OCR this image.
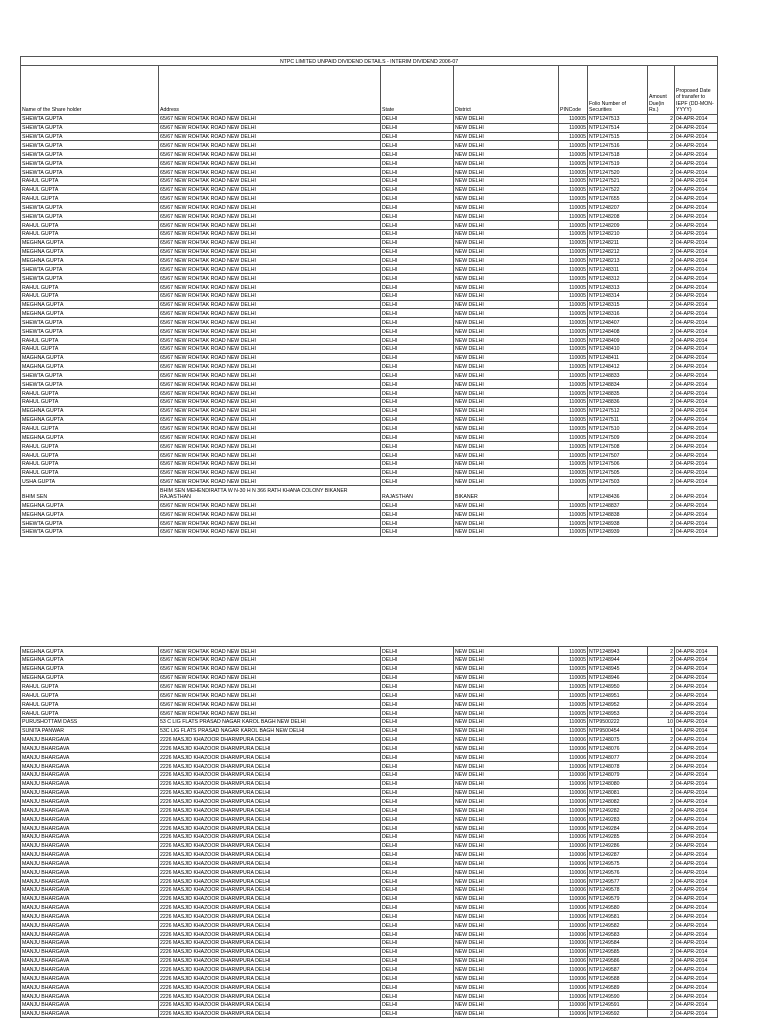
NTPC LIMITED UNPAID DIVIDEND DETAILS - INTERIM DIVIDEND 2006-07							
Name of the Share holder	Address	State	District	PINCode	Folio Number of Securities	Amount Due(in Rs.)	Proposed Date of transfer to IEPF (DD-MON-YYYY)
SHEWTA GUPTA	65/67 NEW ROHTAK ROAD NEW DELHI	DELHI	NEW DELHI	110005	NTP1247513	2	04-APR-2014
SHEWTA GUPTA	65/67 NEW ROHTAK ROAD NEW DELHI	DELHI	NEW DELHI	110005	NTP1247514	2	04-APR-2014
SHEWTA GUPTA	65/67 NEW ROHTAK ROAD NEW DELHI	DELHI	NEW DELHI	110005	NTP1247515	2	04-APR-2014
SHEWTA GUPTA	65/67 NEW ROHTAK ROAD NEW DELHI	DELHI	NEW DELHI	110005	NTP1247516	2	04-APR-2014
SHEWTA GUPTA	65/67 NEW ROHTAK ROAD NEW DELHI	DELHI	NEW DELHI	110005	NTP1247518	2	04-APR-2014
SHEWTA GUPTA	65/67 NEW ROHTAK ROAD NEW DELHI	DELHI	NEW DELHI	110005	NTP1247519	2	04-APR-2014
SHEWTA GUPTA	65/67 NEW ROHTAK ROAD NEW DELHI	DELHI	NEW DELHI	110005	NTP1247520	2	04-APR-2014
RAHUL GUPTA	65/67 NEW ROHTAK ROAD NEW DELHI	DELHI	NEW DELHI	110005	NTP1247521	2	04-APR-2014
RAHUL GUPTA	65/67 NEW ROHTAK ROAD NEW DELHI	DELHI	NEW DELHI	110005	NTP1247522	2	04-APR-2014
RAHUL GUPTA	65/67 NEW ROHTAK ROAD NEW DELHI	DELHI	NEW DELHI	110005	NTP1247655	2	04-APR-2014
SHEWTA GUPTA	65/67 NEW ROHTAK ROAD NEW DELHI	DELHI	NEW DELHI	110005	NTP1248207	2	04-APR-2014
SHEWTA GUPTA	65/67 NEW ROHTAK ROAD NEW DELHI	DELHI	NEW DELHI	110005	NTP1248208	2	04-APR-2014
RAHUL GUPTA	65/67 NEW ROHTAK ROAD NEW DELHI	DELHI	NEW DELHI	110005	NTP1248209	2	04-APR-2014
RAHUL GUPTA	65/67 NEW ROHTAK ROAD NEW DELHI	DELHI	NEW DELHI	110005	NTP1248210	2	04-APR-2014
MEGHNA GUPTA	65/67 NEW ROHTAK ROAD NEW DELHI	DELHI	NEW DELHI	110005	NTP1248211	2	04-APR-2014
MEGHNA GUPTA	65/67 NEW ROHTAK ROAD NEW DELHI	DELHI	NEW DELHI	110005	NTP1248212	2	04-APR-2014
MEGHNA GUPTA	65/67 NEW ROHTAK ROAD NEW DELHI	DELHI	NEW DELHI	110005	NTP1248213	2	04-APR-2014
SHEWTA GUPTA	65/67 NEW ROHTAK ROAD NEW DELHI	DELHI	NEW DELHI	110005	NTP1248311	2	04-APR-2014
SHEWTA GUPTA	65/67 NEW ROHTAK ROAD NEW DELHI	DELHI	NEW DELHI	110005	NTP1248312	2	04-APR-2014
RAHUL GUPTA	65/67 NEW ROHTAK ROAD NEW DELHI	DELHI	NEW DELHI	110005	NTP1248313	2	04-APR-2014
RAHUL GUPTA	65/67 NEW ROHTAK ROAD NEW DELHI	DELHI	NEW DELHI	110005	NTP1248314	2	04-APR-2014
MEGHNA GUPTA	65/67 NEW ROHTAK ROAD NEW DELHI	DELHI	NEW DELHI	110005	NTP1248315	2	04-APR-2014
MEGHNA GUPTA	65/67 NEW ROHTAK ROAD NEW DELHI	DELHI	NEW DELHI	110005	NTP1248316	2	04-APR-2014
SHEWTA GUPTA	65/67 NEW ROHTAK ROAD NEW DELHI	DELHI	NEW DELHI	110005	NTP1248407	2	04-APR-2014
SHEWTA GUPTA	65/67 NEW ROHTAK ROAD NEW DELHI	DELHI	NEW DELHI	110005	NTP1248408	2	04-APR-2014
RAHUL GUPTA	65/67 NEW ROHTAK ROAD NEW DELHI	DELHI	NEW DELHI	110005	NTP1248409	2	04-APR-2014
RAHUL GUPTA	65/67 NEW ROHTAK ROAD NEW DELHI	DELHI	NEW DELHI	110005	NTP1248410	2	04-APR-2014
MAGHNA GUPTA	65/67 NEW ROHTAK ROAD NEW DELHI	DELHI	NEW DELHI	110005	NTP1248411	2	04-APR-2014
MAGHNA GUPTA	65/67 NEW ROHTAK ROAD NEW DELHI	DELHI	NEW DELHI	110005	NTP1248412	2	04-APR-2014
SHEWTA GUPTA	65/67 NEW ROHTAK ROAD NEW DELHI	DELHI	NEW DELHI	110005	NTP1248833	2	04-APR-2014
SHEWTA GUPTA	65/67 NEW ROHTAK ROAD NEW DELHI	DELHI	NEW DELHI	110005	NTP1248834	2	04-APR-2014
RAHUL GUPTA	65/67 NEW ROHTAK ROAD NEW DELHI	DELHI	NEW DELHI	110005	NTP1248835	2	04-APR-2014
RAHUL GUPTA	65/67 NEW ROHTAK ROAD NEW DELHI	DELHI	NEW DELHI	110005	NTP1248836	2	04-APR-2014
MEGHNA GUPTA	65/67 NEW ROHTAK ROAD NEW DELHI	DELHI	NEW DELHI	110005	NTP1247512	2	04-APR-2014
MEGHNA GUPTA	65/67 NEW ROHTAK ROAD NEW DELHI	DELHI	NEW DELHI	110005	NTP1247511	2	04-APR-2014
RAHUL GUPTA	65/67 NEW ROHTAK ROAD NEW DELHI	DELHI	NEW DELHI	110005	NTP1247510	2	04-APR-2014
MEGHNA GUPTA	65/67 NEW ROHTAK ROAD NEW DELHI	DELHI	NEW DELHI	110005	NTP1247509	2	04-APR-2014
RAHUL GUPTA	65/67 NEW ROHTAK ROAD NEW DELHI	DELHI	NEW DELHI	110005	NTP1247508	2	04-APR-2014
RAHUL GUPTA	65/67 NEW ROHTAK ROAD NEW DELHI	DELHI	NEW DELHI	110005	NTP1247507	2	04-APR-2014
RAHUL GUPTA	65/67 NEW ROHTAK ROAD NEW DELHI	DELHI	NEW DELHI	110005	NTP1247506	2	04-APR-2014
RAHUL GUPTA	65/67 NEW ROHTAK ROAD NEW DELHI	DELHI	NEW DELHI	110005	NTP1247505	2	04-APR-2014
USHA GUPTA	65/67 NEW ROHTAK ROAD NEW DELHI	DELHI	NEW DELHI	110005	NTP1247503	2	04-APR-2014
BHIM SEN	BHIM SEN MEHENDIRATTA W N-30 H N 366 RATH KHANA COLONY BIKANER RAJASTHAN	RAJASTHAN	BIKANER		NTP1248436	2	04-APR-2014
MEGHNA GUPTA	65/67 NEW ROHTAK ROAD NEW DELHI	DELHI	NEW DELHI	110005	NTP1248837	2	04-APR-2014
MEGHNA GUPTA	65/67 NEW ROHTAK ROAD NEW DELHI	DELHI	NEW DELHI	110005	NTP1248838	2	04-APR-2014
SHEWTA GUPTA	65/67 NEW ROHTAK ROAD NEW DELHI	DELHI	NEW DELHI	110005	NTP1248938	2	04-APR-2014
SHEWTA GUPTA	65/67 NEW ROHTAK ROAD NEW DELHI	DELHI	NEW DELHI	110005	NTP1248939	2	04-APR-2014
MEGHNA GUPTA	65/67 NEW ROHTAK ROAD NEW DELHI	DELHI	NEW DELHI	110005	NTP1248943	2	04-APR-2014
MEGHNA GUPTA	65/67 NEW ROHTAK ROAD NEW DELHI	DELHI	NEW DELHI	110005	NTP1248944	2	04-APR-2014
MEGHNA GUPTA	65/67 NEW ROHTAK ROAD NEW DELHI	DELHI	NEW DELHI	110005	NTP1248945	2	04-APR-2014
MEGHNA GUPTA	65/67 NEW ROHTAK ROAD NEW DELHI	DELHI	NEW DELHI	110005	NTP1248946	2	04-APR-2014
RAHUL GUPTA	65/67 NEW ROHTAK ROAD NEW DELHI	DELHI	NEW DELHI	110005	NTP1248950	2	04-APR-2014
RAHUL GUPTA	65/67 NEW ROHTAK ROAD NEW DELHI	DELHI	NEW DELHI	110005	NTP1248951	2	04-APR-2014
RAHUL GUPTA	65/67 NEW ROHTAK ROAD NEW DELHI	DELHI	NEW DELHI	110005	NTP1248952	2	04-APR-2014
RAHUL GUPTA	65/67 NEW ROHTAK ROAD NEW DELHI	DELHI	NEW DELHI	110005	NTP1248953	2	04-APR-2014
PURUSHOTTAM DASS	53 C LIG FLATS PRASAD NAGAR KAROL BAGH NEW DELHI	DELHI	NEW DELHI	110005	NTP9500222	10	04-APR-2014
SUNITA PANWAR	53C LIG FLATS PRASAD NAGAR KAROL BAGH NEW DELHI	DELHI	NEW DELHI	110005	NTP9500454	1	04-APR-2014
MANJU BHARGAVA	2226 MASJID KHAZOOR DHARMPURA DELHI	DELHI	NEW DELHI	110006	NTP1248075	2	04-APR-2014
MANJU BHARGAVA	2226 MASJID KHAZOOR DHARMPURA DELHI	DELHI	NEW DELHI	110006	NTP1248076	2	04-APR-2014
MANJU BHARGAVA	2226 MASJID KHAZOOR DHARMPURA DELHI	DELHI	NEW DELHI	110006	NTP1248077	2	04-APR-2014
MANJU BHARGAVA	2226 MASJID KHAZOOR DHARMPURA DELHI	DELHI	NEW DELHI	110006	NTP1248078	2	04-APR-2014
MANJU BHARGAVA	2226 MASJID KHAZOOR DHARMPURA DELHI	DELHI	NEW DELHI	110006	NTP1248079	2	04-APR-2014
MANJU BHARGAVA	2226 MASJID KHAZOOR DHARMPURA DELHI	DELHI	NEW DELHI	110006	NTP1248080	2	04-APR-2014
MANJU BHARGAVA	2226 MASJID KHAZOOR DHARMPURA DELHI	DELHI	NEW DELHI	110006	NTP1248081	2	04-APR-2014
MANJU BHARGAVA	2226 MASJID KHAZOOR DHARMPURA DELHI	DELHI	NEW DELHI	110006	NTP1248082	2	04-APR-2014
MANJU BHARGAVA	2226 MASJID KHAZOOR DHARMPURA DELHI	DELHI	NEW DELHI	110006	NTP1249282	2	04-APR-2014
MANJU BHARGAVA	2226 MASJID KHAZOOR DHARMPURA DELHI	DELHI	NEW DELHI	110006	NTP1249283	2	04-APR-2014
MANJU BHARGAVA	2226 MASJID KHAZOOR DHARMPURA DELHI	DELHI	NEW DELHI	110006	NTP1249284	2	04-APR-2014
MANJU BHARGAVA	2226 MASJID KHAZOOR DHARMPURA DELHI	DELHI	NEW DELHI	110006	NTP1249285	2	04-APR-2014
MANJU BHARGAVA	2226 MASJID KHAZOOR DHARMPURA DELHI	DELHI	NEW DELHI	110006	NTP1249286	2	04-APR-2014
MANJU BHARGAVA	2226 MASJID KHAZOOR DHARMPURA DELHI	DELHI	NEW DELHI	110006	NTP1249287	2	04-APR-2014
MANJU BHARGAVA	2226 MASJID KHAZOOR DHARMPURA DELHI	DELHI	NEW DELHI	110006	NTP1249575	2	04-APR-2014
MANJU BHARGAVA	2226 MASJID KHAZOOR DHARMPURA DELHI	DELHI	NEW DELHI	110006	NTP1249576	2	04-APR-2014
MANJU BHARGAVA	2226 MASJID KHAZOOR DHARMPURA DELHI	DELHI	NEW DELHI	110006	NTP1249577	2	04-APR-2014
MANJU BHARGAVA	2226 MASJID KHAZOOR DHARMPURA DELHI	DELHI	NEW DELHI	110006	NTP1249578	2	04-APR-2014
MANJU BHARGAVA	2226 MASJID KHAZOOR DHARMPURA DELHI	DELHI	NEW DELHI	110006	NTP1249579	2	04-APR-2014
MANJU BHARGAVA	2226 MASJID KHAZOOR DHARMPURA DELHI	DELHI	NEW DELHI	110006	NTP1249580	2	04-APR-2014
MANJU BHARGAVA	2226 MASJID KHAZOOR DHARMPURA DELHI	DELHI	NEW DELHI	110006	NTP1249581	2	04-APR-2014
MANJU BHARGAVA	2226 MASJID KHAZOOR DHARMPURA DELHI	DELHI	NEW DELHI	110006	NTP1249582	2	04-APR-2014
MANJU BHARGAVA	2226 MASJID KHAZOOR DHARMPURA DELHI	DELHI	NEW DELHI	110006	NTP1249583	2	04-APR-2014
MANJU BHARGAVA	2226 MASJID KHAZOOR DHARMPURA DELHI	DELHI	NEW DELHI	110006	NTP1249584	2	04-APR-2014
MANJU BHARGAVA	2226 MASJID KHAZOOR DHARMPURA DELHI	DELHI	NEW DELHI	110006	NTP1249585	2	04-APR-2014
MANJU BHARGAVA	2226 MASJID KHAZOOR DHARMPURA DELHI	DELHI	NEW DELHI	110006	NTP1249586	2	04-APR-2014
MANJU BHARGAVA	2226 MASJID KHAZOOR DHARMPURA DELHI	DELHI	NEW DELHI	110006	NTP1249587	2	04-APR-2014
MANJU BHARGAVA	2226 MASJID KHAZOOR DHARMPURA DELHI	DELHI	NEW DELHI	110006	NTP1249588	2	04-APR-2014
MANJU BHARGAVA	2226 MASJID KHAZOOR DHARMPURA DELHI	DELHI	NEW DELHI	110006	NTP1249589	2	04-APR-2014
MANJU BHARGAVA	2226 MASJID KHAZOOR DHARMPURA DELHI	DELHI	NEW DELHI	110006	NTP1249590	2	04-APR-2014
MANJU BHARGAVA	2226 MASJID KHAZOOR DHARMPURA DELHI	DELHI	NEW DELHI	110006	NTP1249591	2	04-APR-2014
MANJU BHARGAVA	2226 MASJID KHAZOOR DHARMPURA DELHI	DELHI	NEW DELHI	110006	NTP1249592	2	04-APR-2014
